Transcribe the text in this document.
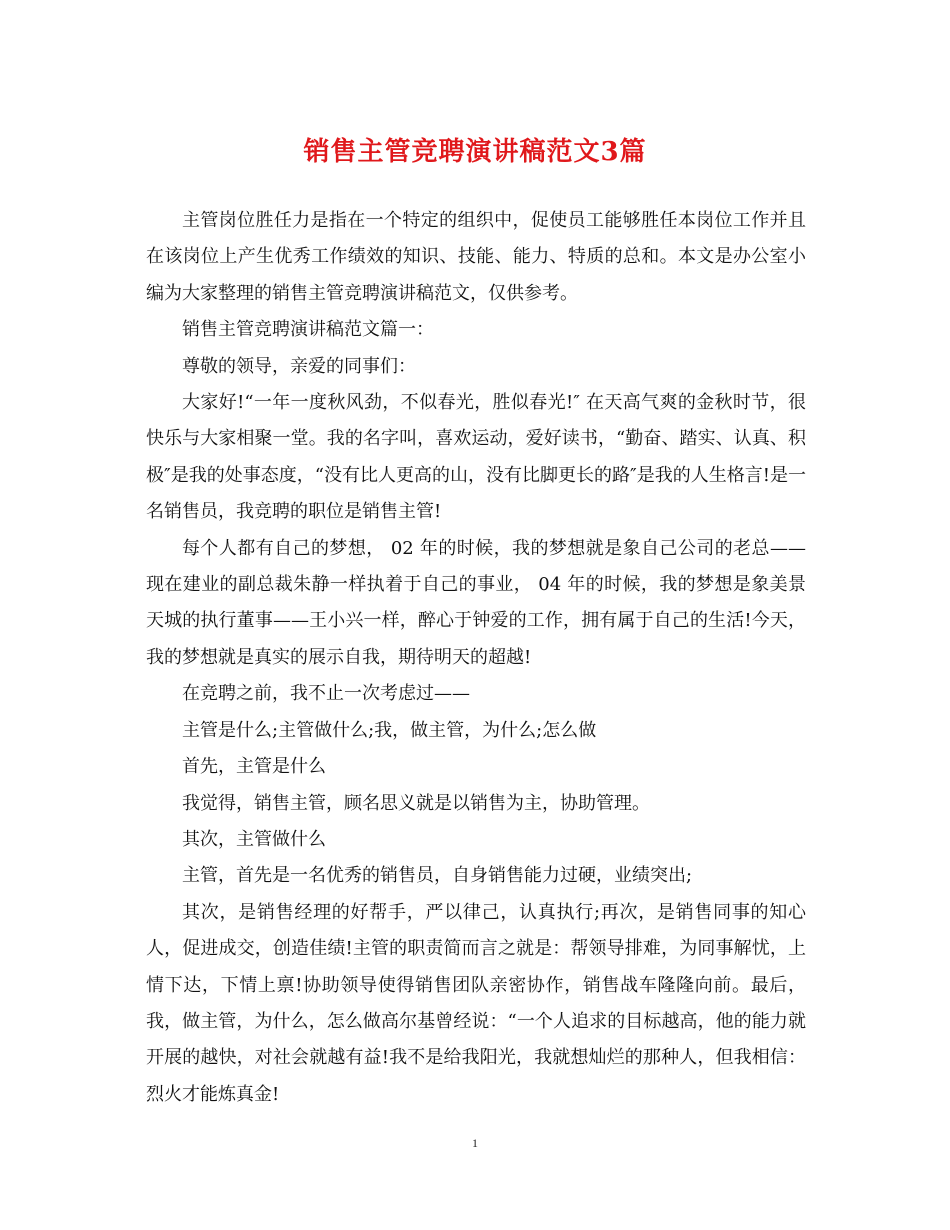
销售主管竞聘演讲稿范文3篇

主管岗位胜任力是指在一个特定的组织中，促使员工能够胜任本岗位工作并且在该岗位上产生优秀工作绩效的知识、技能、能力、特质的总和。本文是办公室小编为大家整理的销售主管竞聘演讲稿范文，仅供参考。

销售主管竞聘演讲稿范文篇一：

尊敬的领导，亲爱的同事们：

大家好!“一年一度秋风劲，不似春光，胜似春光!″ 在天高气爽的金秋时节，很快乐与大家相聚一堂。我的名字叫，喜欢运动，爱好读书，“勤奋、踏实、认真、积极″是我的处事态度，“没有比人更高的山，没有比脚更长的路″是我的人生格言!是一名销售员，我竞聘的职位是销售主管!

每个人都有自己的梦想， 02 年的时候，我的梦想就是象自己公司的老总——现在建业的副总裁朱静一样执着于自己的事业， 04 年的时候，我的梦想是象美景天城的执行董事——王小兴一样，醉心于钟爱的工作，拥有属于自己的生活!今天，我的梦想就是真实的展示自我，期待明天的超越!

在竞聘之前，我不止一次考虑过——

主管是什么;主管做什么;我，做主管，为什么;怎么做

首先，主管是什么

我觉得，销售主管，顾名思义就是以销售为主，协助管理。

其次，主管做什么

主管，首先是一名优秀的销售员，自身销售能力过硬，业绩突出;

其次，是销售经理的好帮手，严以律己，认真执行;再次，是销售同事的知心人，促进成交，创造佳绩!主管的职责简而言之就是：帮领导排难，为同事解忧，上情下达，下情上禀!协助领导使得销售团队亲密协作，销售战车隆隆向前。最后，我，做主管，为什么，怎么做高尔基曾经说：“一个人追求的目标越高，他的能力就开展的越快，对社会就越有益!我不是给我阳光，我就想灿烂的那种人，但我相信：烈火才能炼真金!

1
